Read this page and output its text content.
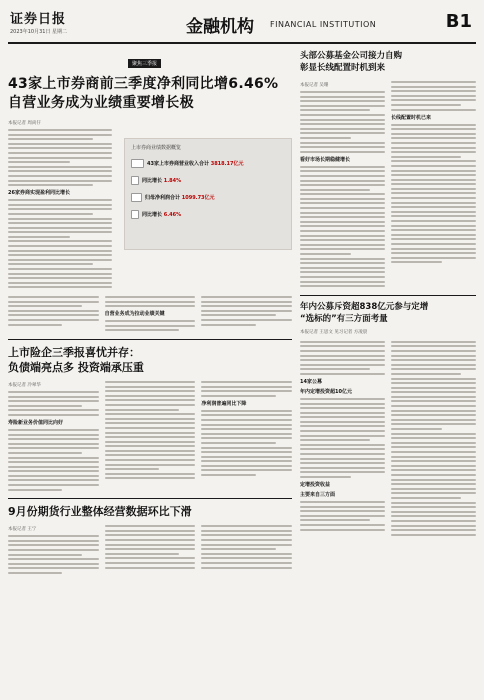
证券日报
2023年10月31日 星期二	金融机构 FINANCIAL INSTITUTION	B1
聚焦三季报
43家上市券商前三季度净利同比增6.46%
自营业务成为业绩重要增长极
本报记者 周尚仔
26家券商实现盈利同比增长
上市券商业绩数据概览
43家上市券商营业收入合计 3818.17亿元
同比增长 1.84%
归母净利润合计 1099.73亿元
同比增长 6.46%
自营业务成为拉动业绩关键
上市险企三季报喜忧并存：
负债端亮点多 投资端承压重
本报记者 冷翠华
寿险新业务价值同比向好
净利润普遍同比下降
9月份期货行业整体经营数据环比下滑
本报记者 王宁
头部公募基金公司接力自购
彰显长线配置时机到来
本报记者 吴珊
看好市场长期稳健增长
长线配置时机已来
年内公募斥资超838亿元参与定增
“选标的”有三方面考量
本报记者 王思文 见习记者 方凌晨
14家公募
年内定增投资超10亿元
定增投资收益
主要来自三方面
